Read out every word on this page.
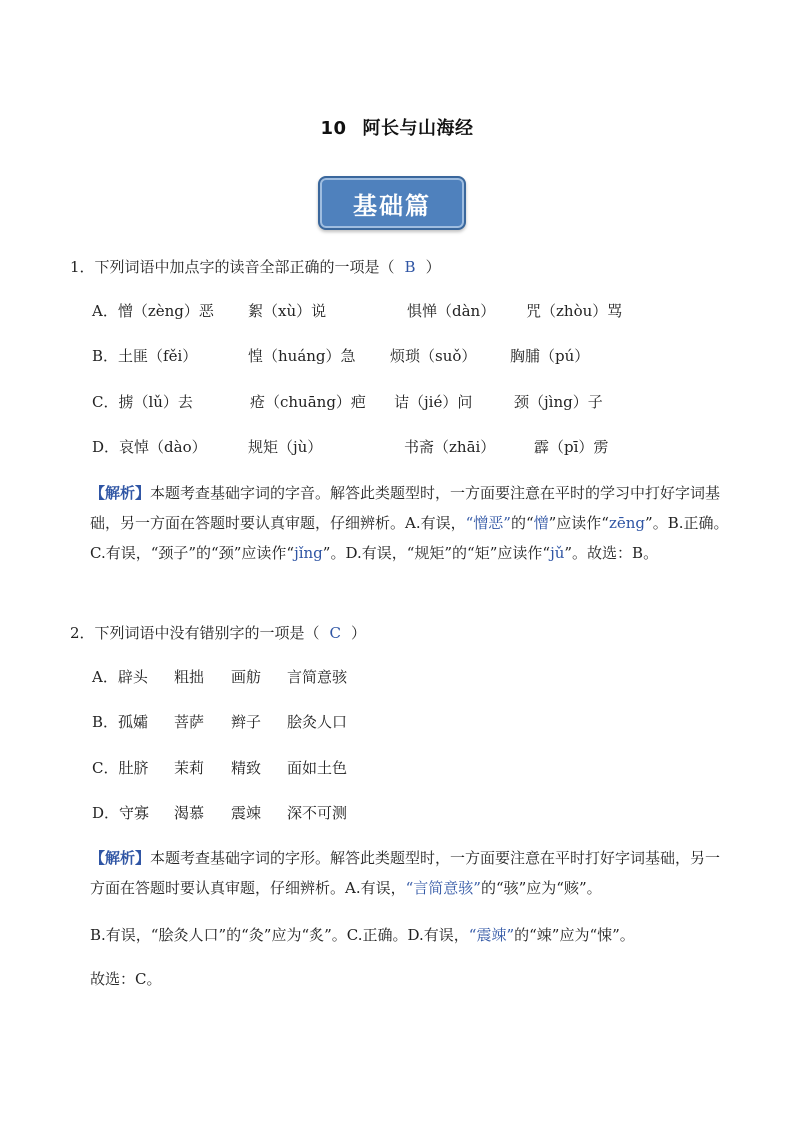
10 阿长与山海经
基础篇
1．下列词语中加点字的读音全部正确的一项是（ B ）
A．憎（zèng）恶 絮（xù）说	惧惮（dàn） 咒（zhòu）骂
B．土匪（fěi）	惶（huáng）急 烦琐（suǒ） 胸脯（pú）
C．掳（lǔ）去	疮（chuāng）疤 诘（jié）问	颈（jìng）子
D．哀悼（dào）	规矩（jù）	书斋（zhāi）	霹（pī）雳
【解析】本题考查基础字词的字音。解答此类题型时，一方面要注意在平时的学习中打好字词基础，另一方面在答题时要认真审题，仔细辨析。A.有误，“憎恶”的“憎”应读作“zēng”。B.正确。C.有误，“颈子”的“颈”应读作“jǐng”。D.有误，“规矩”的“矩”应读作“jǔ”。故选：B。
2．下列词语中没有错别字的一项是（ C ）
A．辟头 粗拙 画舫 言简意骇
B．孤孀 菩萨 辫子 脍灸人口
C．肚脐 茉莉 精致 面如土色
D．守寡 渴慕 震竦 深不可测
【解析】本题考查基础字词的字形。解答此类题型时，一方面要注意在平时打好字词基础，另一方面在答题时要认真审题，仔细辨析。A.有误，“言简意骇”的“骇”应为“赅”。
B.有误，“脍灸人口”的“灸”应为“炙”。C.正确。D.有误，“震竦”的“竦”应为“悚”。
故选：C。
